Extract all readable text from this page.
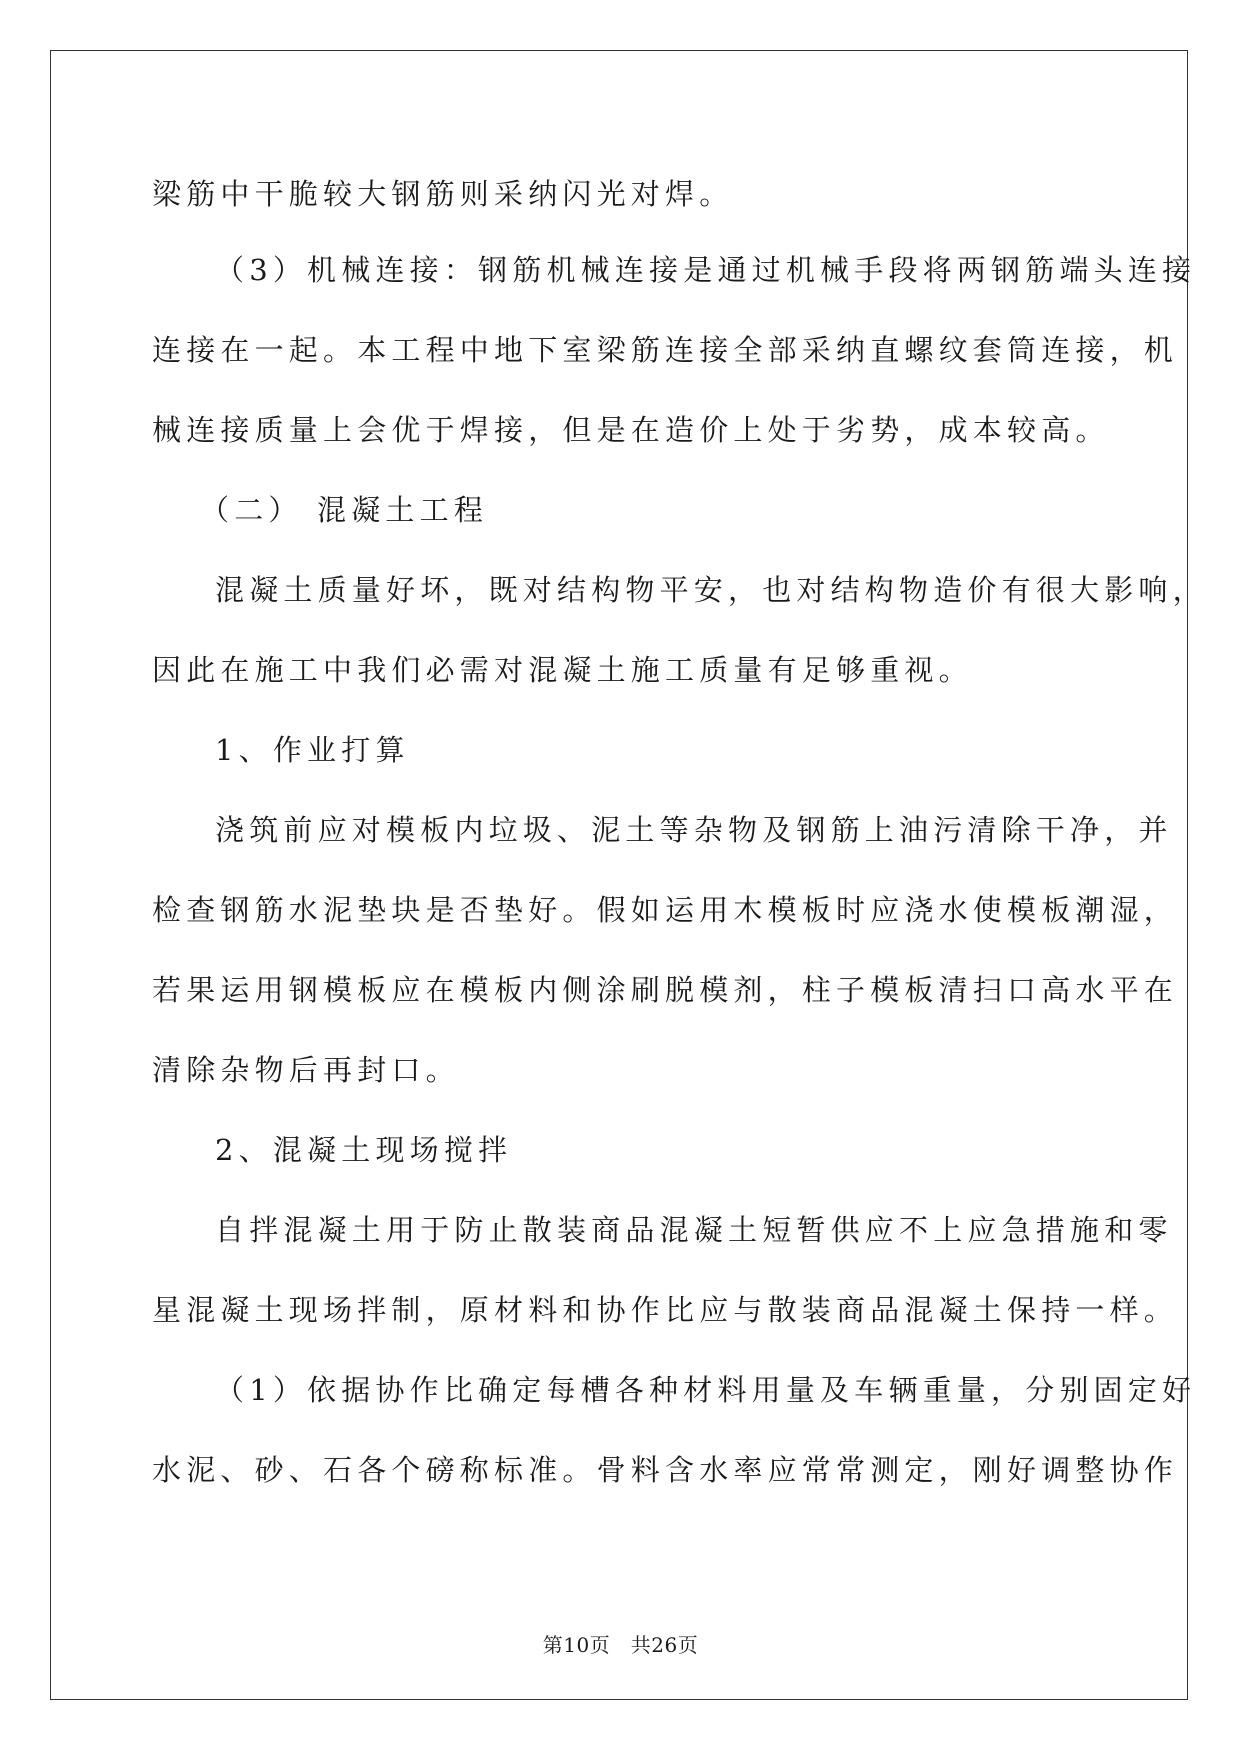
梁筋中干脆较大钢筋则采纳闪光对焊。
（3）机械连接：钢筋机械连接是通过机械手段将两钢筋端头连接
连接在一起。本工程中地下室梁筋连接全部采纳直螺纹套筒连接，机
械连接质量上会优于焊接，但是在造价上处于劣势，成本较高。
（二） 混凝土工程
混凝土质量好坏，既对结构物平安，也对结构物造价有很大影响，
因此在施工中我们必需对混凝土施工质量有足够重视。
1、作业打算
浇筑前应对模板内垃圾、泥土等杂物及钢筋上油污清除干净，并
检查钢筋水泥垫块是否垫好。假如运用木模板时应浇水使模板潮湿，
若果运用钢模板应在模板内侧涂刷脱模剂，柱子模板清扫口高水平在
清除杂物后再封口。
2、混凝土现场搅拌
自拌混凝土用于防止散装商品混凝土短暂供应不上应急措施和零
星混凝土现场拌制，原材料和协作比应与散装商品混凝土保持一样。
（1）依据协作比确定每槽各种材料用量及车辆重量，分别固定好
水泥、砂、石各个磅称标准。骨料含水率应常常测定，刚好调整协作
第10页   共26页
